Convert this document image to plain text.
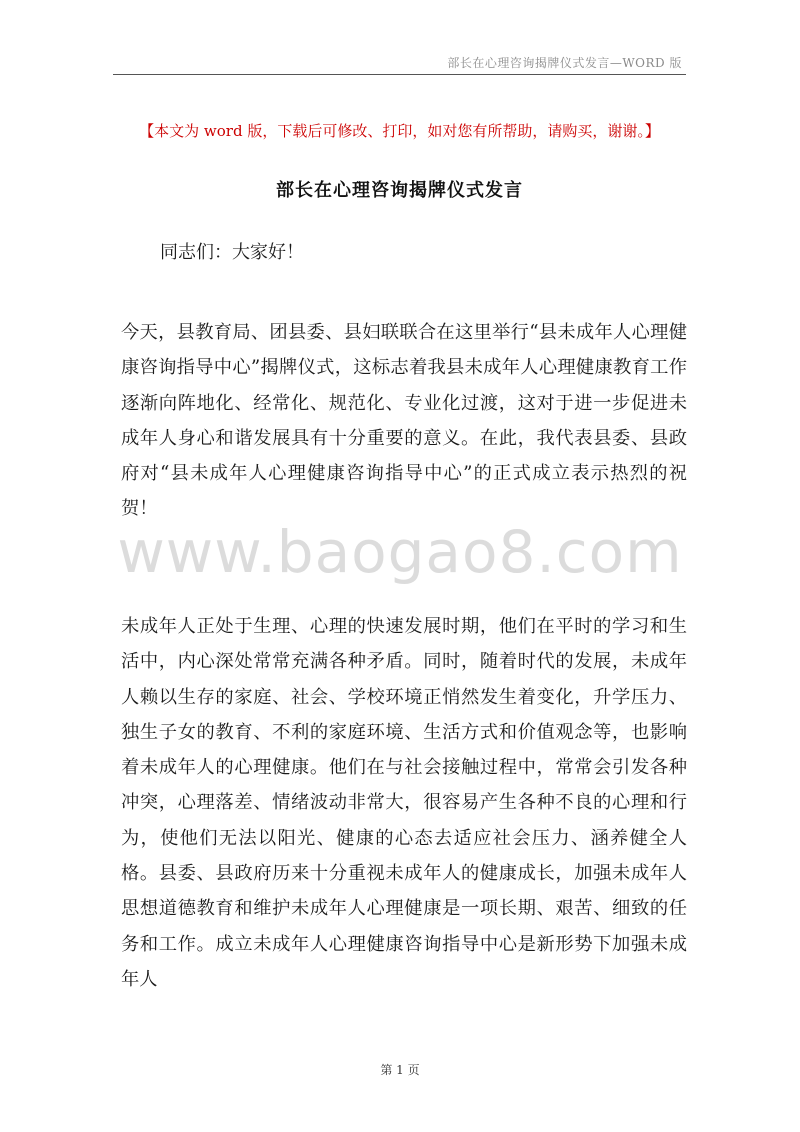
部长在心理咨询揭牌仪式发言—WORD 版
【本文为 word 版，下载后可修改、打印，如对您有所帮助，请购买，谢谢。】
部长在心理咨询揭牌仪式发言
同志们：大家好！

今天，县教育局、团县委、县妇联联合在这里举行“县未成年人心理健康咨询指导中心”揭牌仪式，这标志着我县未成年人心理健康教育工作逐渐向阵地化、经常化、规范化、专业化过渡，这对于进一步促进未成年人身心和谐发展具有十分重要的意义。在此，我代表县委、县政府对“县未成年人心理健康咨询指导中心”的正式成立表示热烈的祝贺！

www.baogao8.com

未成年人正处于生理、心理的快速发展时期，他们在平时的学习和生活中，内心深处常常充满各种矛盾。同时，随着时代的发展，未成年人赖以生存的家庭、社会、学校环境正悄然发生着变化，升学压力、独生子女的教育、不利的家庭环境、生活方式和价值观念等，也影响着未成年人的心理健康。他们在与社会接触过程中，常常会引发各种冲突，心理落差、情绪波动非常大，很容易产生各种不良的心理和行为，使他们无法以阳光、健康的心态去适应社会压力、涵养健全人格。县委、县政府历来十分重视未成年人的健康成长，加强未成年人思想道德教育和维护未成年人心理健康是一项长期、艰苦、细致的任务和工作。成立未成年人心理健康咨询指导中心是新形势下加强未成年人

第 1 页
